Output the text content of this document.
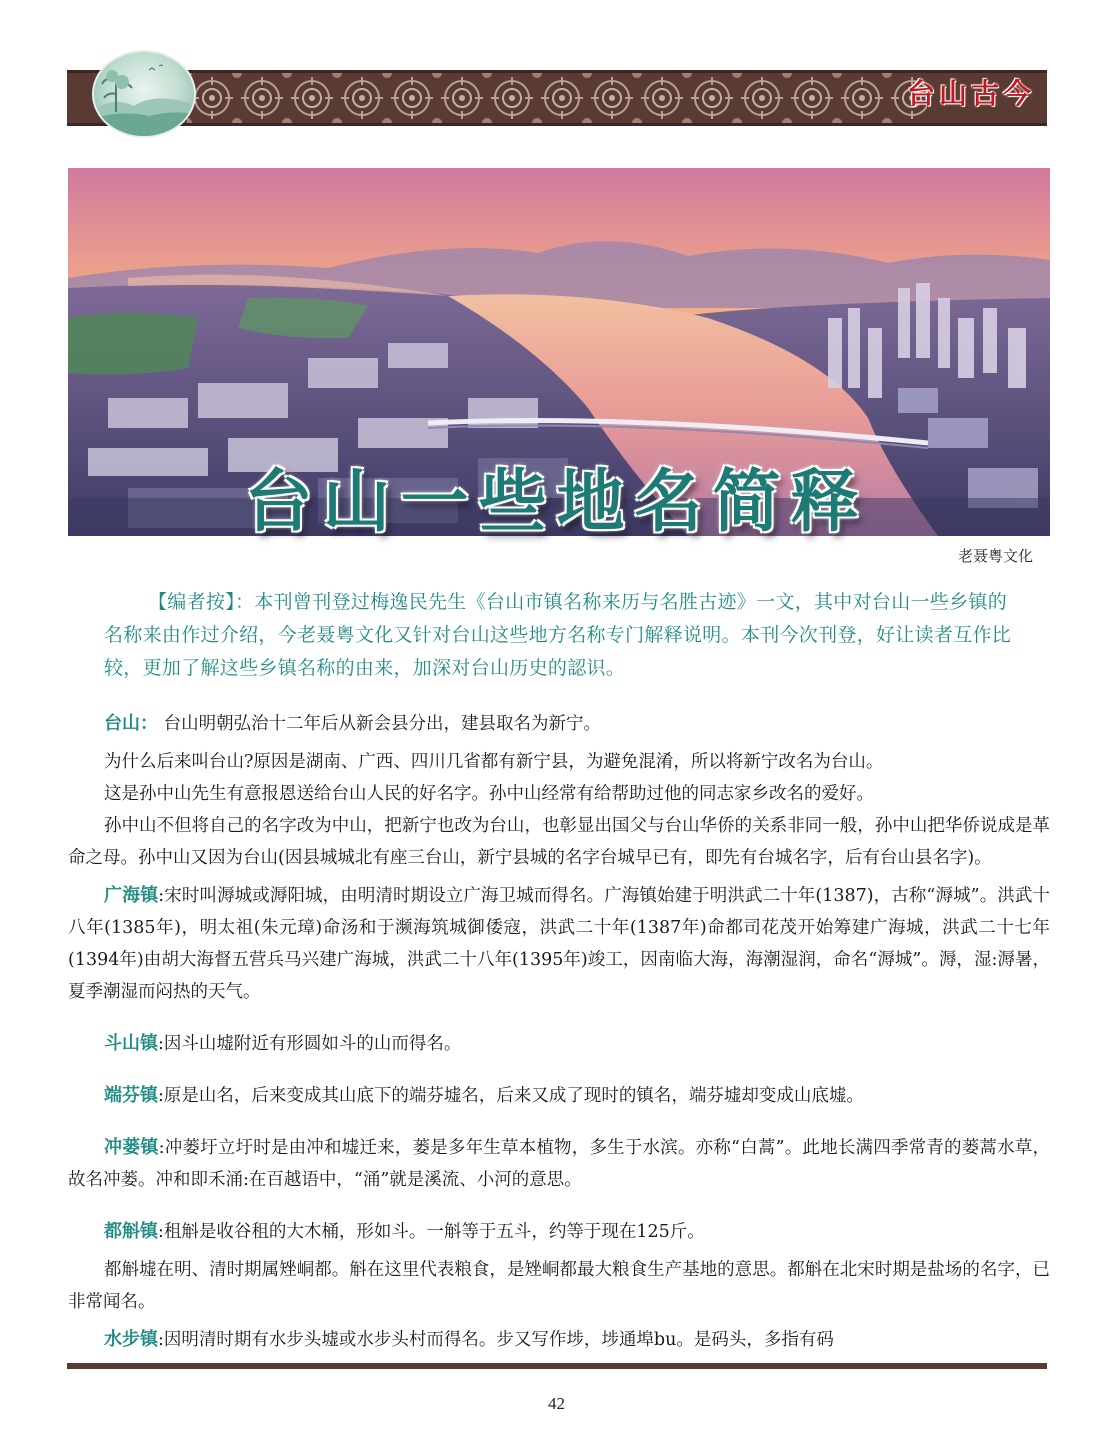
台山古今
台山一些地名简释
老聂粤文化
【编者按】：本刊曾刊登过梅逸民先生《台山市镇名称来历与名胜古迹》一文，其中对台山一些乡镇的名称来由作过介绍，今老聂粤文化又针对台山这些地方名称专门解释说明。本刊今次刊登，好让读者互作比较，更加了解这些乡镇名称的由来，加深对台山历史的認识。

台山： 台山明朝弘治十二年后从新会县分出，建县取名为新宁。

为什么后来叫台山?原因是湖南、广西、四川几省都有新宁县，为避免混淆，所以将新宁改名为台山。

这是孙中山先生有意报恩送给台山人民的好名字。孙中山经常有给帮助过他的同志家乡改名的爱好。

孙中山不但将自己的名字改为中山，把新宁也改为台山，也彰显出国父与台山华侨的关系非同一般，孙中山把华侨说成是革命之母。孙中山又因为台山(因县城城北有座三台山，新宁县城的名字台城早已有，即先有台城名字，后有台山县名字)。

广海镇:宋时叫溽城或溽阳城，由明清时期设立广海卫城而得名。广海镇始建于明洪武二十年(1387)，古称“溽城”。洪武十八年(1385年)，明太祖(朱元璋)命汤和于濒海筑城御倭寇，洪武二十年(1387年)命都司花茂开始筹建广海城，洪武二十七年(1394年)由胡大海督五营兵马兴建广海城，洪武二十八年(1395年)竣工，因南临大海，海潮湿润，命名“溽城”。溽，湿:溽暑，夏季潮湿而闷热的天气。

斗山镇:因斗山墟附近有形圆如斗的山而得名。

端芬镇:原是山名，后来变成其山底下的端芬墟名，后来又成了现时的镇名，端芬墟却变成山底墟。

冲蒌镇:冲蒌圩立圩时是由冲和墟迁来，蒌是多年生草本植物，多生于水滨。亦称“白蒿”。此地长满四季常青的蒌蒿水草，故名冲蒌。冲和即禾涌:在百越语中，“涌”就是溪流、小河的意思。

都斛镇:租斛是收谷租的大木桶，形如斗。一斛等于五斗，约等于现在125斤。

都斛墟在明、清时期属矬峒都。斛在这里代表粮食，是矬峒都最大粮食生产基地的意思。都斛在北宋时期是盐场的名字，已非常闻名。

水步镇:因明清时期有水步头墟或水步头村而得名。步又写作埗，埗通埠bu。是码头，多指有码

42
